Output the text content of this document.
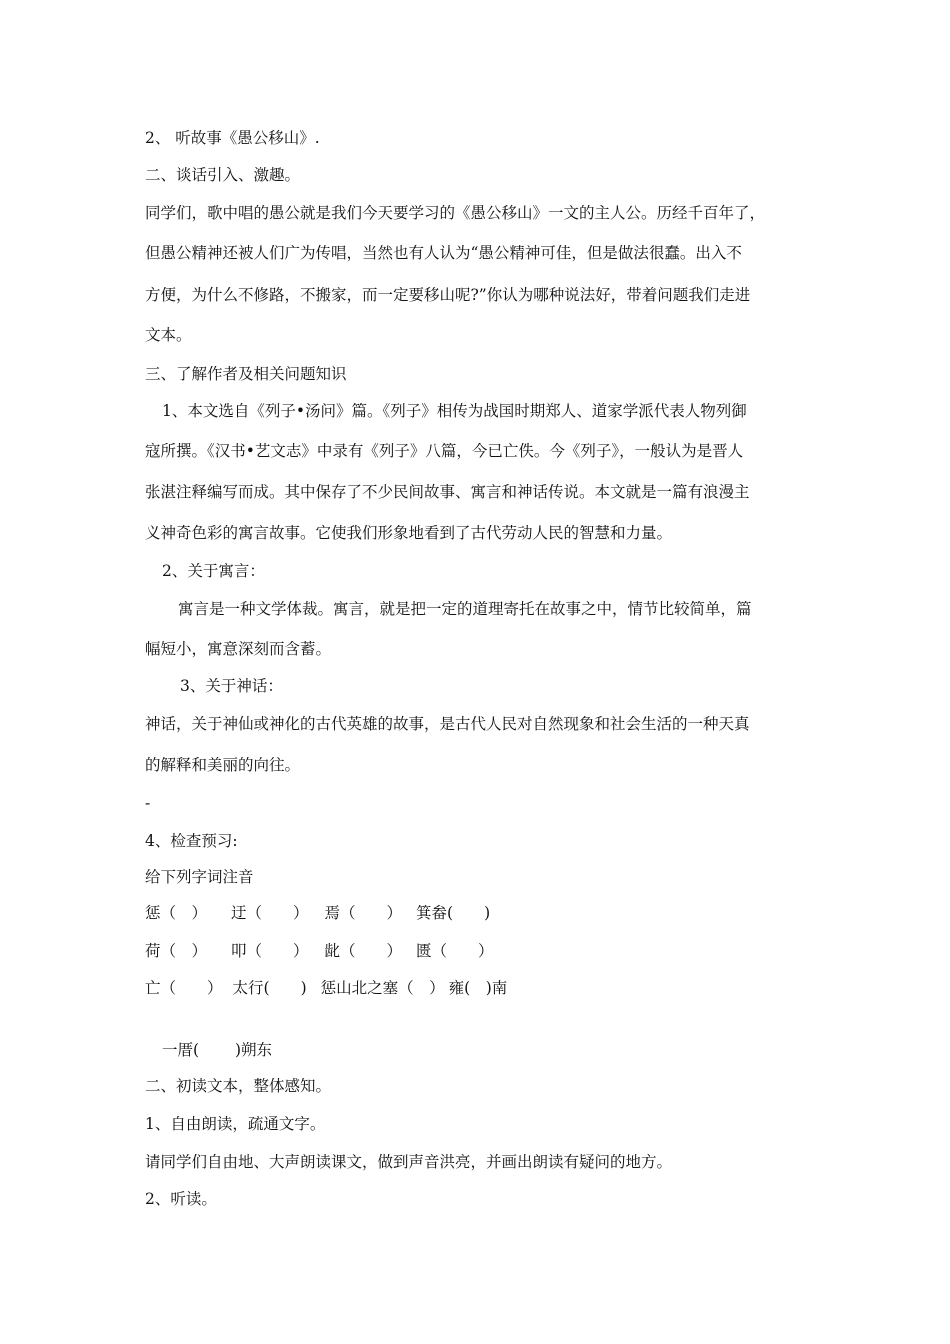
2、 听故事《愚公移山》.
二、谈话引入、激趣。
同学们，歌中唱的愚公就是我们今天要学习的《愚公移山》一文的主人公。历经千百年了，
但愚公精神还被人们广为传唱，当然也有人认为“愚公精神可佳，但是做法很蠢。出入不
方便，为什么不修路，不搬家，而一定要移山呢?”你认为哪种说法好，带着问题我们走进
文本。
三、了解作者及相关问题知识
1、本文选自《列子•汤问》篇。《列子》相传为战国时期郑人、道家学派代表人物列御
寇所撰。《汉书•艺文志》中录有《列子》八篇，今已亡佚。今《列子》，一般认为是晋人
张湛注释编写而成。其中保存了不少民间故事、寓言和神话传说。本文就是一篇有浪漫主
义神奇色彩的寓言故事。它使我们形象地看到了古代劳动人民的智慧和力量。
2、关于寓言：
寓言是一种文学体裁。寓言，就是把一定的道理寄托在故事之中，情节比较简单，篇
幅短小，寓意深刻而含蓄。
3、关于神话：
神话，关于神仙或神化的古代英雄的故事，是古代人民对自然现象和社会生活的一种天真
的解释和美丽的向往。
-
4、检查预习:
给下列字词注音
惩（　） 迂（　　） 焉（　　） 箕畚(　　)
荷（　） 叩（　　） 龀（　　） 匮（　　）
亡（　　） 太行(　　) 惩山北之塞（　） 雍(　)南
一厝(　　 )朔东
二、初读文本，整体感知。
1、自由朗读，疏通文字。
请同学们自由地、大声朗读课文，做到声音洪亮，并画出朗读有疑问的地方。
2、听读。
